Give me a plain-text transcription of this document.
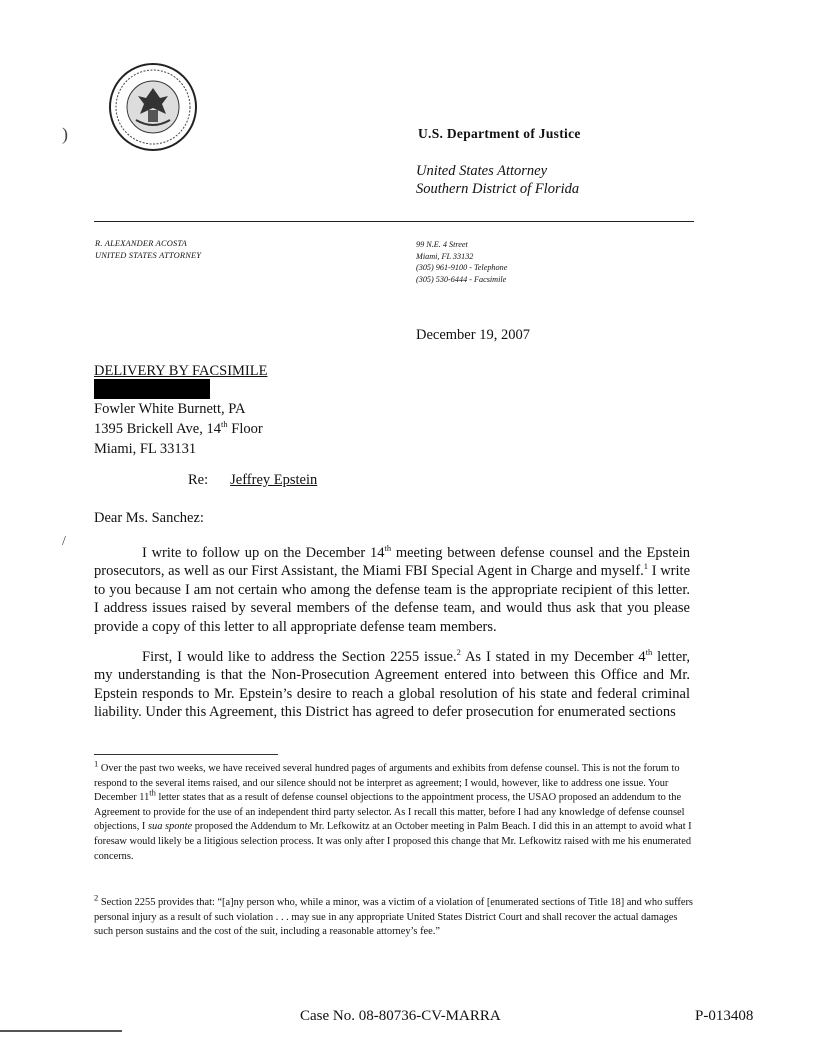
)	U.S. Department of Justice
United States Attorney
Southern District of Florida
R. ALEXANDER ACOSTA
UNITED STATES ATTORNEY
99 N.E. 4 Street
Miami, FL 33132
(305) 961-9100 - Telephone
(305) 530-6444 - Facsimile
December 19, 2007
DELIVERY BY FACSIMILE
Fowler White Burnett, PA
1395 Brickell Ave, 14th Floor
Miami, FL 33131
Re: Jeffrey Epstein
Dear Ms. Sanchez:
/
I write to follow up on the December 14th meeting between defense counsel and the Epstein prosecutors, as well as our First Assistant, the Miami FBI Special Agent in Charge and myself.$^1$ I write to you because I am not certain who among the defense team is the appropriate recipient of this letter. I address issues raised by several members of the defense team, and would thus ask that you please provide a copy of this letter to all appropriate defense team members.
First, I would like to address the Section 2255 issue.$^2$ As I stated in my December 4th letter, my understanding is that the Non-Prosecution Agreement entered into between this Office and Mr. Epstein responds to Mr. Epstein’s desire to reach a global resolution of his state and federal criminal liability. Under this Agreement, this District has agreed to defer prosecution for enumerated sections
$^1$ Over the past two weeks, we have received several hundred pages of arguments and exhibits from defense counsel. This is not the forum to respond to the several items raised, and our silence should not be interpret as agreement; I would, however, like to address one issue. Your December 11th letter states that as a result of defense counsel objections to the appointment process, the USAO proposed an addendum to the Agreement to provide for the use of an independent third party selector. As I recall this matter, before I had any knowledge of defense counsel objections, I sua sponte proposed the Addendum to Mr. Lefkowitz at an October meeting in Palm Beach. I did this in an attempt to avoid what I foresaw would likely be a litigious selection process. It was only after I proposed this change that Mr. Lefkowitz raised with me his enumerated concerns.
$^2$ Section 2255 provides that: “[a]ny person who, while a minor, was a victim of a violation of [enumerated sections of Title 18] and who suffers personal injury as a result of such violation . . . may sue in any appropriate United States District Court and shall recover the actual damages such person sustains and the cost of the suit, including a reasonable attorney’s fee.”
Case No. 08-80736-CV-MARRA	P-013408
